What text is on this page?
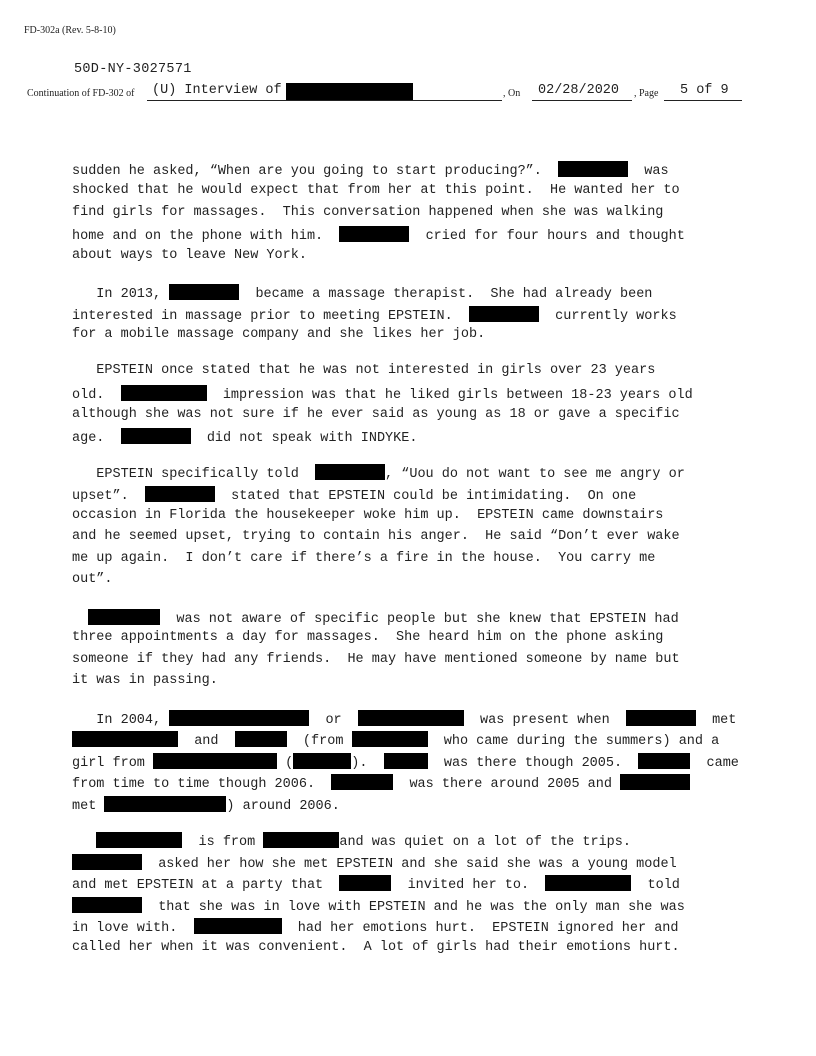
FD-302a (Rev. 5-8-10)
50D-NY-3027571
Continuation of FD-302 of (U) Interview of	, On 02/28/2020 , Page 5 of 9
sudden he asked, “When are you going to start producing?”.	was
shocked that he would expect that from her at this point.  He wanted her to
find girls for massages.  This conversation happened when she was walking
home and on the phone with him.	cried for four hours and thought
about ways to leave New York.
In 2013,	became a massage therapist.  She had already been
interested in massage prior to meeting EPSTEIN.	currently works
for a mobile massage company and she likes her job.
EPSTEIN once stated that he was not interested in girls over 23 years
old.	impression was that he liked girls between 18-23 years old
although she was not sure if he ever said as young as 18 or gave a specific
age.	did not speak with INDYKE.
EPSTEIN specifically told	, “Uou do not want to see me angry or
upset”.	stated that EPSTEIN could be intimidating.  On one
occasion in Florida the housekeeper woke him up.  EPSTEIN came downstairs
and he seemed upset, trying to contain his anger.  He said “Don’t ever wake
me up again.  I don’t care if there’s a fire in the house.  You carry me
out”.
was not aware of specific people but she knew that EPSTEIN had
three appointments a day for massages.  She heard him on the phone asking
someone if they had any friends.  He may have mentioned someone by name but
it was in passing.
In 2004,	or	was present when	met
and	(from	who came during the summers) and a
girl from	(	).	was there though 2005.	came
from time to time though 2006.	was there around 2005 and
met	) around 2006.
is from	and was quiet on a lot of the trips.
asked her how she met EPSTEIN and she said she was a young model
and met EPSTEIN at a party that	invited her to.	told
that she was in love with EPSTEIN and he was the only man she was
in love with.	had her emotions hurt.  EPSTEIN ignored her and
called her when it was convenient.  A lot of girls had their emotions hurt.
